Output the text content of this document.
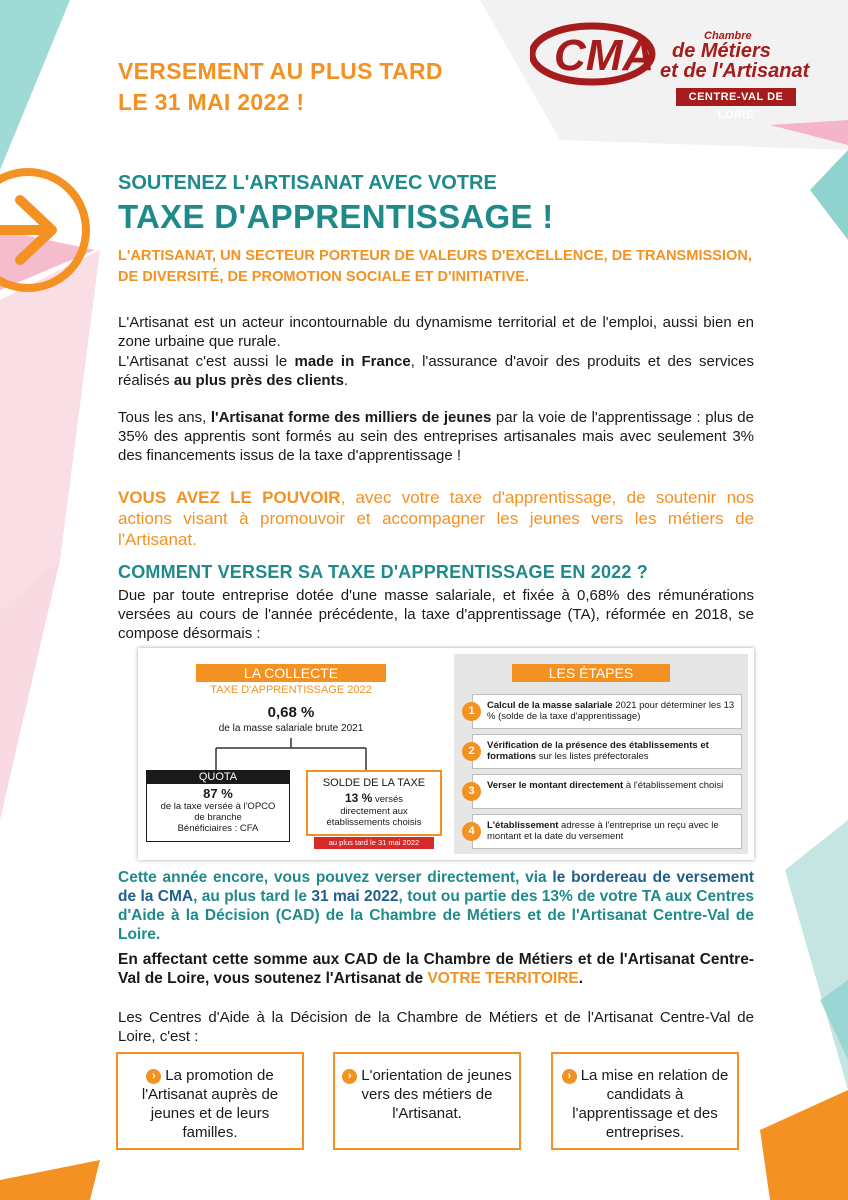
VERSEMENT AU PLUS TARD
LE 31 MAI 2022 !
CMA	Chambre
de Métiers
et de l'Artisanat
CENTRE-VAL DE LOIRE
SOUTENEZ L'ARTISANAT AVEC VOTRE
TAXE D'APPRENTISSAGE !
L'ARTISANAT, UN SECTEUR PORTEUR DE VALEURS D'EXCELLENCE, DE TRANSMISSION, DE DIVERSITÉ, DE PROMOTION SOCIALE ET D'INITIATIVE.
L'Artisanat est un acteur incontournable du dynamisme territorial et de l'emploi, aussi bien en zone urbaine que rurale.
L'Artisanat c'est aussi le made in France, l'assurance d'avoir des produits et des services réalisés au plus près des clients.
Tous les ans, l'Artisanat forme des milliers de jeunes par la voie de l'apprentissage : plus de 35% des apprentis sont formés au sein des entreprises artisanales mais avec seulement 3% des financements issus de la taxe d'apprentissage !
VOUS AVEZ LE POUVOIR, avec votre taxe d'apprentissage, de soutenir nos actions visant à promouvoir et accompagner les jeunes vers les métiers de l'Artisanat.
COMMENT VERSER SA TAXE D'APPRENTISSAGE EN 2022 ?
Due par toute entreprise dotée d'une masse salariale, et fixée à 0,68% des rémunérations versées au cours de l'année précédente, la taxe d'apprentissage (TA), réformée en 2018, se compose désormais :
LA COLLECTE
TAXE D'APPRENTISSAGE 2022
0,68 %
de la masse salariale brute 2021
QUOTA
87 %
de la taxe versée à l'OPCO
de branche
Bénéficiaires : CFA
SOLDE DE LA TAXE
13 % versés
directement aux
établissements choisis
au plus tard le 31 mai 2022
LES ÉTAPES
1	Calcul de la masse salariale 2021 pour déterminer les 13 % (solde de la taxe d'apprentissage)
2	Vérification de la présence des établissements et formations sur les listes préfectorales
3	Verser le montant directement à l'établissement choisi
4	L'établissement adresse à l'entreprise un reçu avec le montant et la date du versement
Cette année encore, vous pouvez verser directement, via le bordereau de versement de la CMA, au plus tard le 31 mai 2022, tout ou partie des 13% de votre TA aux Centres d'Aide à la Décision (CAD) de la Chambre de Métiers et de l'Artisanat Centre-Val de Loire.
En affectant cette somme aux CAD de la Chambre de Métiers et de l'Artisanat Centre-Val de Loire, vous soutenez l'Artisanat de VOTRE TERRITOIRE.
Les Centres d'Aide à la Décision de la Chambre de Métiers et de l'Artisanat Centre-Val de Loire, c'est :
› La promotion de l'Artisanat auprès de jeunes et de leurs familles.
› L'orientation de jeunes vers des métiers de l'Artisanat.
› La mise en relation de candidats à l'apprentissage et des entreprises.
